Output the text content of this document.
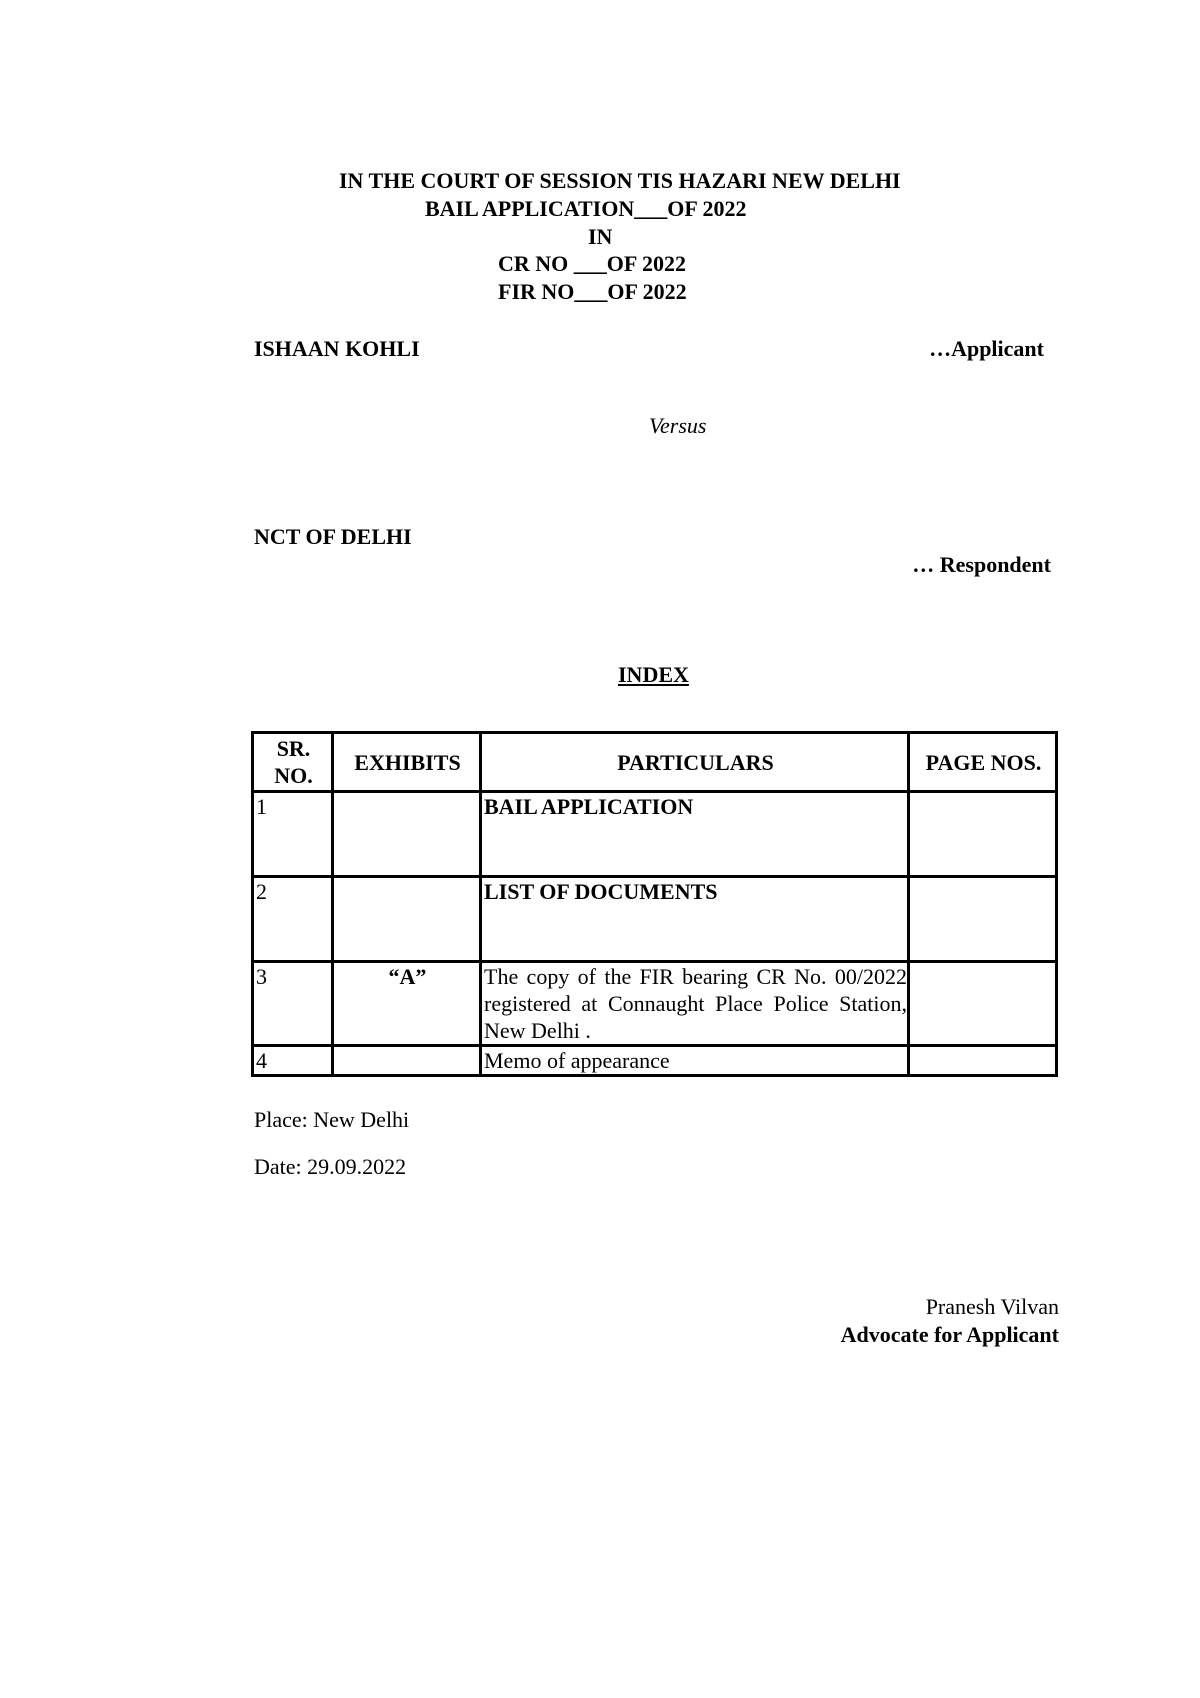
IN THE COURT OF SESSION TIS HAZARI NEW DELHI
BAIL APPLICATION___OF 2022
IN
CR NO ___OF 2022
FIR NO___OF 2022
ISHAAN KOHLI	…Applicant
Versus
NCT OF DELHI
… Respondent
INDEX
SR. NO.	EXHIBITS	PARTICULARS	PAGE NOS.
1		BAIL APPLICATION	
2		LIST OF DOCUMENTS	
3	“A”	The copy of the FIR bearing CR No. 00/2022 registered at Connaught Place Police Station, New Delhi .	
4		Memo of appearance	
Place: New Delhi
Date: 29.09.2022
Pranesh Vilvan
Advocate for Applicant
